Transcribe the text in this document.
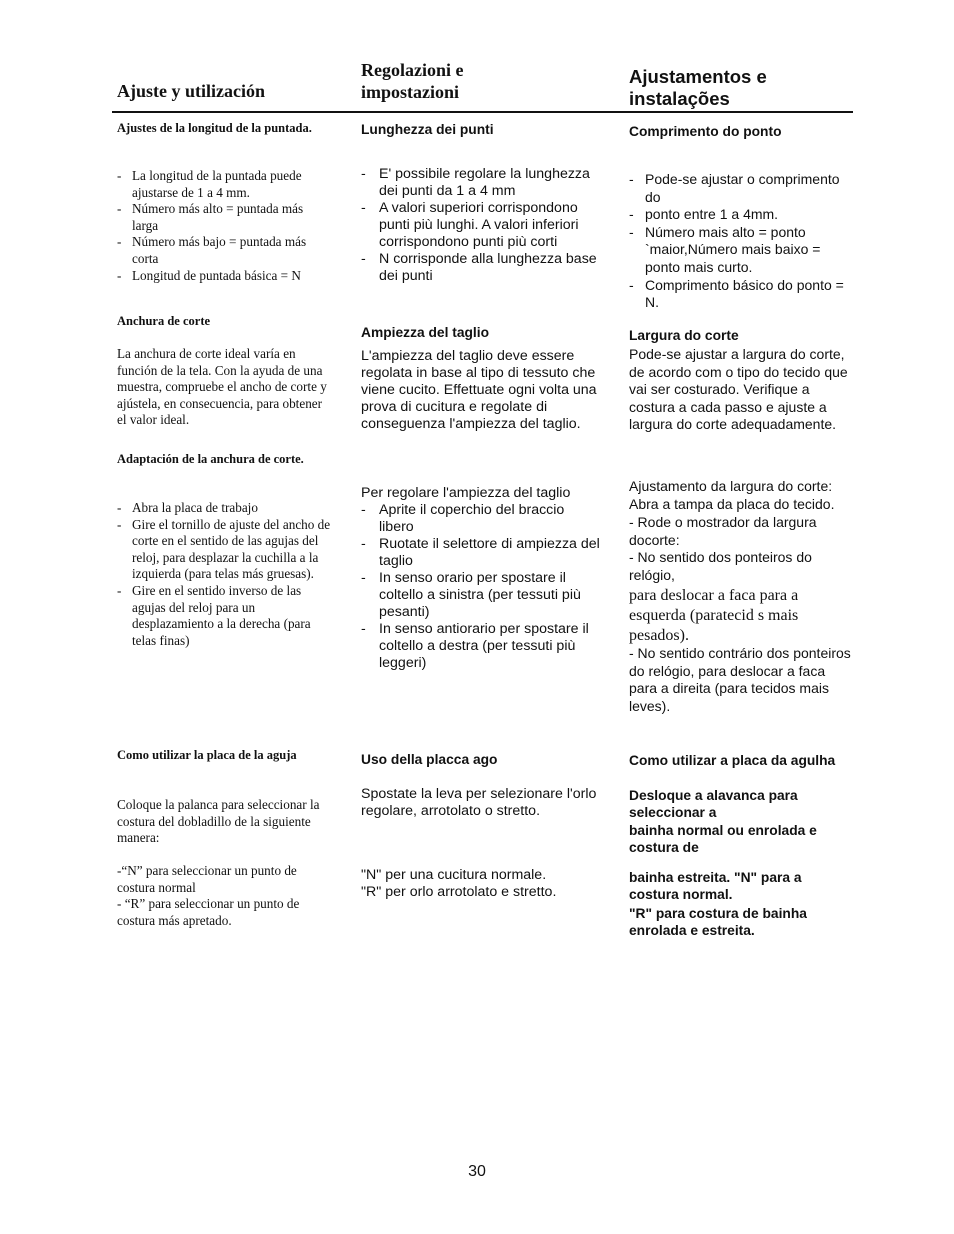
Ajuste y utilización

Ajustes de la longitud de la puntada.

- La longitud de la puntada puede ajustarse de 1 a 4 mm.
- Número más alto = puntada más larga
- Número más bajo = puntada más corta
- Longitud de puntada básica = N

Anchura de corte

La anchura de corte ideal varía en función de la tela. Con la ayuda de una muestra, compruebe el ancho de corte y ajústela, en consecuencia, para obtener el valor ideal.

Adaptación de la anchura de corte.

- Abra la placa de trabajo
- Gire el tornillo de ajuste del ancho de corte en el sentido de las agujas del reloj, para desplazar la cuchilla a la izquierda (para telas más gruesas).
- Gire en el sentido inverso de las agujas del reloj para un desplazamiento a la derecha (para telas finas)

Como utilizar la placa de la aguja

Coloque la palanca para seleccionar la costura del dobladillo de la siguiente manera:

-“N” para seleccionar un punto de costura normal

- “R” para seleccionar un punto de costura más apretado.

Regolazioni e
impostazioni

Lunghezza dei punti

- E' possibile regolare la lunghezza dei punti da 1 a 4 mm
- A valori superiori corrispondono punti più lunghi. A valori inferiori corrispondono punti più corti
- N corrisponde alla lunghezza base dei punti

Ampiezza del taglio

L'ampiezza del taglio deve essere regolata in base al tipo di tessuto che viene cucito. Effettuate ogni volta una prova di cucitura e regolate di conseguenza l'ampiezza del taglio.

Per regolare l'ampiezza del taglio

- Aprite il coperchio del braccio libero
- Ruotate il selettore di ampiezza del taglio
- In senso orario per spostare il coltello a sinistra (per tessuti più pesanti)
- In senso antiorario per spostare il coltello a destra (per tessuti più leggeri)

Uso della placca ago

Spostate la leva per selezionare l'orlo regolare, arrotolato o stretto.

"N" per una cucitura normale.

"R" per orlo arrotolato e stretto.

Ajustamentos e
instalações

Comprimento do ponto

- Pode-se ajustar o comprimento do
- ponto entre 1 a 4mm.
- Número mais alto = ponto `maior,Número mais baixo = ponto mais curto.
- Comprimento básico do ponto = N.

Largura do corte

Pode-se ajustar a largura do corte, de acordo com o tipo do tecido que vai ser costurado. Verifique a costura a cada passo e ajuste a largura do corte adequadamente.

Ajustamento da largura do corte: Abra a tampa da placa do tecido.

- Rode o mostrador da largura docorte:

- No sentido dos ponteiros do relógio,

para deslocar a faca para a esquerda (paratecid s mais pesados).

- No sentido contrário dos ponteiros do relógio, para deslocar a faca para a direita (para tecidos mais leves).

Como utilizar a placa da agulha

Desloque a alavanca para seleccionar a

bainha normal ou enrolada e costura de

bainha estreita. "N" para a costura normal.

"R" para costura de bainha enrolada e estreita.

30
